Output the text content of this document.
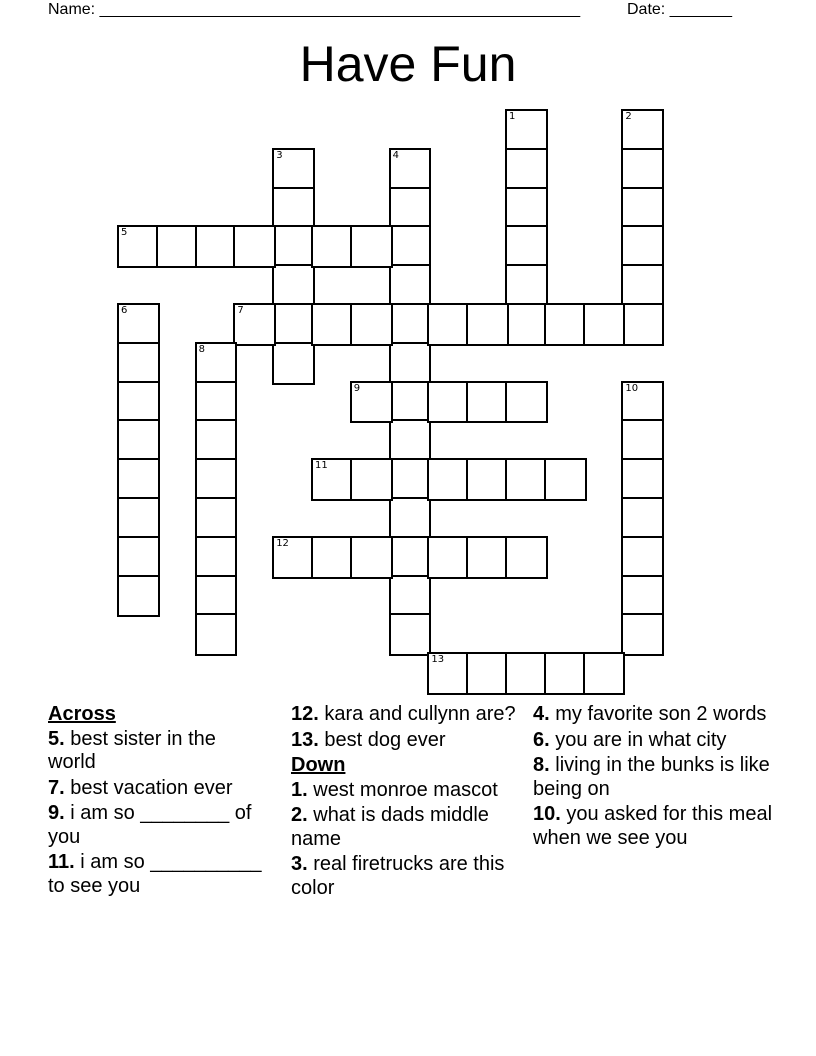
Name: ______________________________________________________	Date: _______
Have Fun
1	2
3	4
5
6	7
8
9	10
11
12
13
Across
5. best sister in the world
7. best vacation ever
9. i am so ________ of you
11. i am so __________ to see you
12. kara and cullynn are?
13. best dog ever
Down
1. west monroe mascot
2. what is dads middle name
3. real firetrucks are this color
4. my favorite son 2 words
6. you are in what city
8. living in the bunks is like being on
10. you asked for this meal when we see you
